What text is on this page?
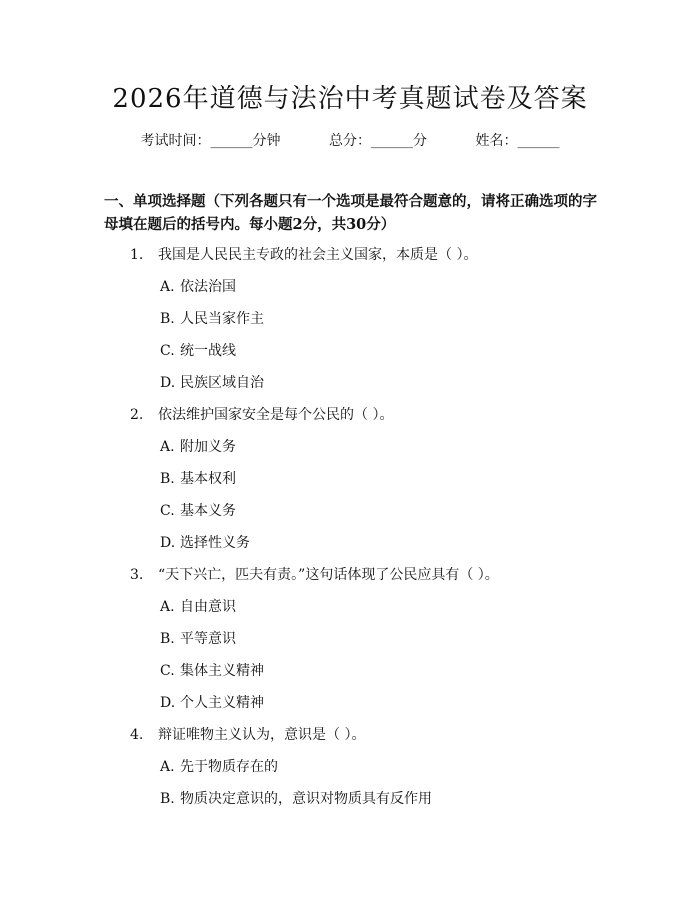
2026年道德与法治中考真题试卷及答案
考试时间：______分钟	总分：______分	姓名：______
一、单项选择题（下列各题只有一个选项是最符合题意的，请将正确选项的字母填在题后的括号内。每小题2分，共30分）
1. 我国是人民民主专政的社会主义国家，本质是（ ）。
A. 依法治国
B. 人民当家作主
C. 统一战线
D. 民族区域自治
2. 依法维护国家安全是每个公民的（ ）。
A. 附加义务
B. 基本权利
C. 基本义务
D. 选择性义务
3. “天下兴亡，匹夫有责。”这句话体现了公民应具有（ ）。
A. 自由意识
B. 平等意识
C. 集体主义精神
D. 个人主义精神
4. 辩证唯物主义认为，意识是（ ）。
A. 先于物质存在的
B. 物质决定意识的，意识对物质具有反作用
